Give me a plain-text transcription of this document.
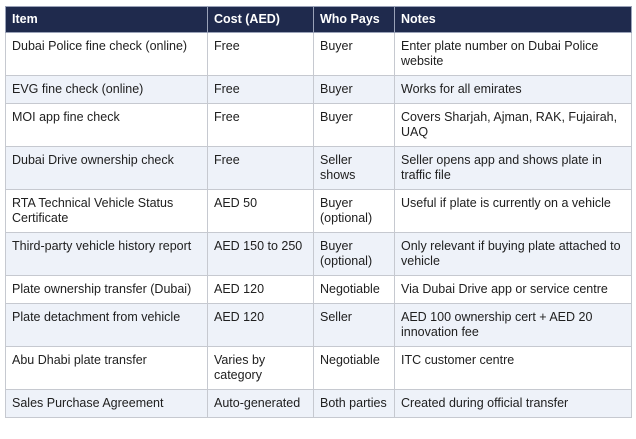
Item	Cost (AED)	Who Pays	Notes
Dubai Police fine check (online)	Free	Buyer	Enter plate number on Dubai Police website
EVG fine check (online)	Free	Buyer	Works for all emirates
MOI app fine check	Free	Buyer	Covers Sharjah, Ajman, RAK, Fujairah, UAQ
Dubai Drive ownership check	Free	Seller shows	Seller opens app and shows plate in traffic file
RTA Technical Vehicle Status Certificate	AED 50	Buyer (optional)	Useful if plate is currently on a vehicle
Third-party vehicle history report	AED 150 to 250	Buyer (optional)	Only relevant if buying plate attached to vehicle
Plate ownership transfer (Dubai)	AED 120	Negotiable	Via Dubai Drive app or service centre
Plate detachment from vehicle	AED 120	Seller	AED 100 ownership cert + AED 20 innovation fee
Abu Dhabi plate transfer	Varies by category	Negotiable	ITC customer centre
Sales Purchase Agreement	Auto-generated	Both parties	Created during official transfer
